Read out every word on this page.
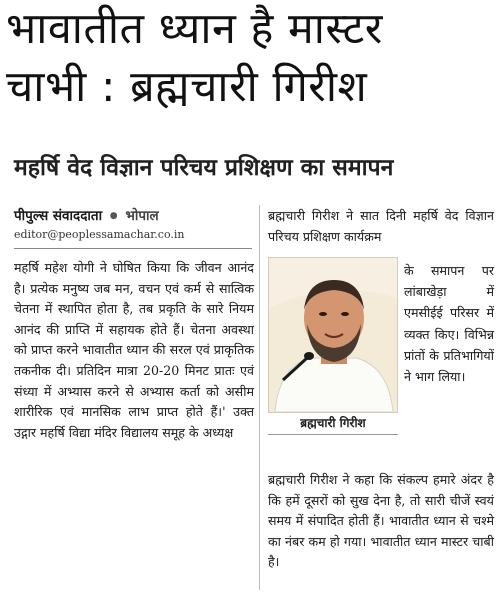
भावातीत ध्यान है मास्टर
चाभी : ब्रह्मचारी गिरीश
महर्षि वेद विज्ञान परिचय प्रशिक्षण का समापन
पीपुल्स संवाददाता ● भोपाल
editor@peoplessamachar.co.in
महर्षि महेश योगी ने घोषित किया कि जीवन आनंद है। प्रत्येक मनुष्य जब मन, वचन एवं कर्म से सात्विक चेतना में स्थापित होता है, तब प्रकृति के सारे नियम आनंद की प्राप्ति में सहायक होते हैं। चेतना अवस्था को प्राप्त करने भावातीत ध्यान की सरल एवं प्राकृतिक तकनीक दी। प्रतिदिन मात्रा 20-20 मिनट प्रातः एवं संध्या में अभ्यास करने से अभ्यास कर्ता को असीम शारीरिक एवं मानसिक लाभ प्राप्त होते हैं।' उक्त उद्गार महर्षि विद्या मंदिर विद्यालय समूह के अध्यक्ष
ब्रह्मचारी गिरीश ने सात दिनी महर्षि वेद विज्ञान परिचय प्रशिक्षण कार्यक्रम
के समापन पर लांबाखेड़ा में एमसीईई परिसर में व्यक्त किए। विभिन्न प्रांतों के प्रतिभागियों ने भाग लिया।
ब्रह्मचारी गिरीश ने कहा कि संकल्प हमारे अंदर है कि हमें दूसरों को सुख देना है, तो सारी चीजें स्वयं समय में संपादित होती हैं। भावातीत ध्यान से चश्मे का नंबर कम हो गया। भावातीत ध्यान मास्टर चाबी है।
ब्रह्मचारी गिरीश
